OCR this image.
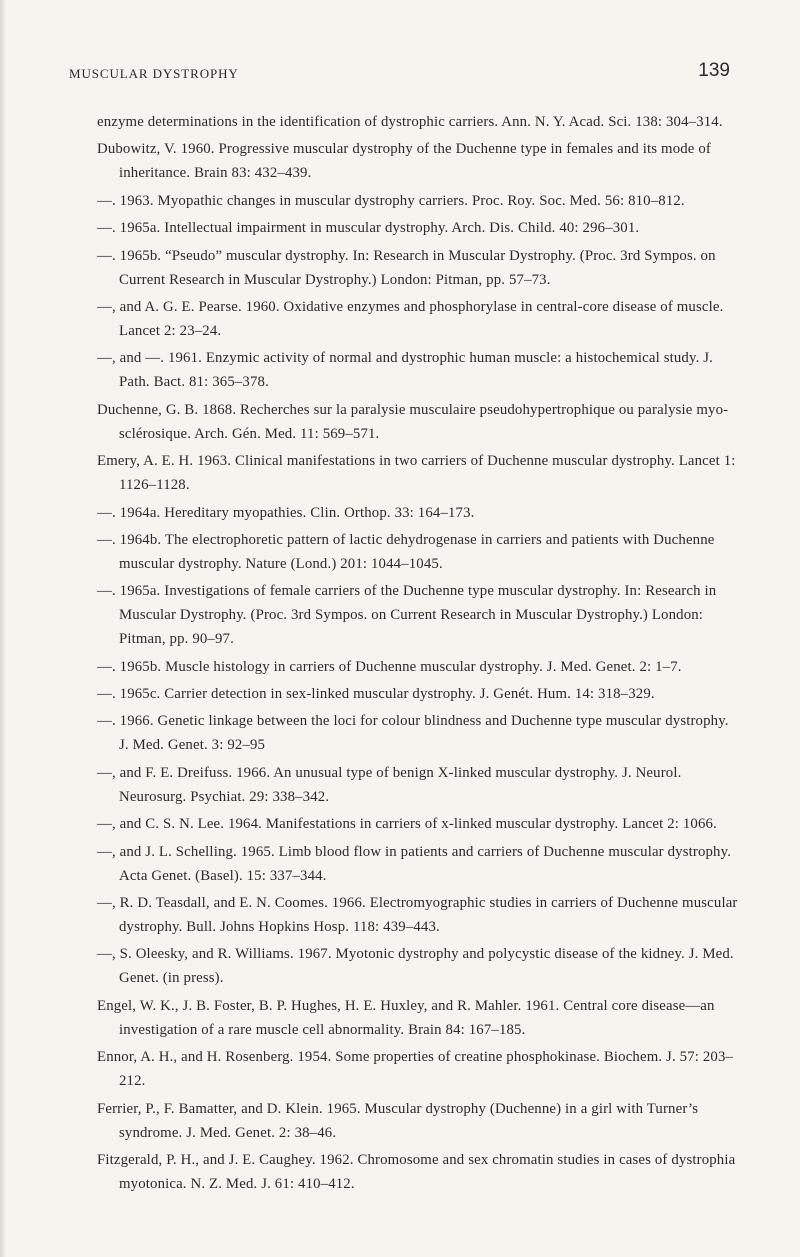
MUSCULAR DYSTROPHY	139
enzyme determinations in the identification of dystrophic carriers. Ann. N. Y. Acad. Sci. 138: 304–314.
Dubowitz, V. 1960. Progressive muscular dystrophy of the Duchenne type in females and its mode of inheritance. Brain 83: 432–439.
—. 1963. Myopathic changes in muscular dystrophy carriers. Proc. Roy. Soc. Med. 56: 810–812.
—. 1965a. Intellectual impairment in muscular dystrophy. Arch. Dis. Child. 40: 296–301.
—. 1965b. “Pseudo” muscular dystrophy. In: Research in Muscular Dystrophy. (Proc. 3rd Sympos. on Current Research in Muscular Dystrophy.) London: Pitman, pp. 57–73.
—, and A. G. E. Pearse. 1960. Oxidative enzymes and phosphorylase in central-core disease of muscle. Lancet 2: 23–24.
—, and —. 1961. Enzymic activity of normal and dystrophic human muscle: a histochemical study. J. Path. Bact. 81: 365–378.
Duchenne, G. B. 1868. Recherches sur la paralysie musculaire pseudohypertrophique ou paralysie myo-sclérosique. Arch. Gén. Med. 11: 569–571.
Emery, A. E. H. 1963. Clinical manifestations in two carriers of Duchenne muscular dystrophy. Lancet 1: 1126–1128.
—. 1964a. Hereditary myopathies. Clin. Orthop. 33: 164–173.
—. 1964b. The electrophoretic pattern of lactic dehydrogenase in carriers and patients with Duchenne muscular dystrophy. Nature (Lond.) 201: 1044–1045.
—. 1965a. Investigations of female carriers of the Duchenne type muscular dystrophy. In: Research in Muscular Dystrophy. (Proc. 3rd Sympos. on Current Research in Muscular Dystrophy.) London: Pitman, pp. 90–97.
—. 1965b. Muscle histology in carriers of Duchenne muscular dystrophy. J. Med. Genet. 2: 1–7.
—. 1965c. Carrier detection in sex-linked muscular dystrophy. J. Genét. Hum. 14: 318–329.
—. 1966. Genetic linkage between the loci for colour blindness and Duchenne type muscular dystrophy. J. Med. Genet. 3: 92–95
—, and F. E. Dreifuss. 1966. An unusual type of benign X-linked muscular dystrophy. J. Neurol. Neurosurg. Psychiat. 29: 338–342.
—, and C. S. N. Lee. 1964. Manifestations in carriers of x-linked muscular dystrophy. Lancet 2: 1066.
—, and J. L. Schelling. 1965. Limb blood flow in patients and carriers of Duchenne muscular dystrophy. Acta Genet. (Basel). 15: 337–344.
—, R. D. Teasdall, and E. N. Coomes. 1966. Electromyographic studies in carriers of Duchenne muscular dystrophy. Bull. Johns Hopkins Hosp. 118: 439–443.
—, S. Oleesky, and R. Williams. 1967. Myotonic dystrophy and polycystic disease of the kidney. J. Med. Genet. (in press).
Engel, W. K., J. B. Foster, B. P. Hughes, H. E. Huxley, and R. Mahler. 1961. Central core disease—an investigation of a rare muscle cell abnormality. Brain 84: 167–185.
Ennor, A. H., and H. Rosenberg. 1954. Some properties of creatine phosphokinase. Biochem. J. 57: 203–212.
Ferrier, P., F. Bamatter, and D. Klein. 1965. Muscular dystrophy (Duchenne) in a girl with Turner’s syndrome. J. Med. Genet. 2: 38–46.
Fitzgerald, P. H., and J. E. Caughey. 1962. Chromosome and sex chromatin studies in cases of dystrophia myotonica. N. Z. Med. J. 61: 410–412.
